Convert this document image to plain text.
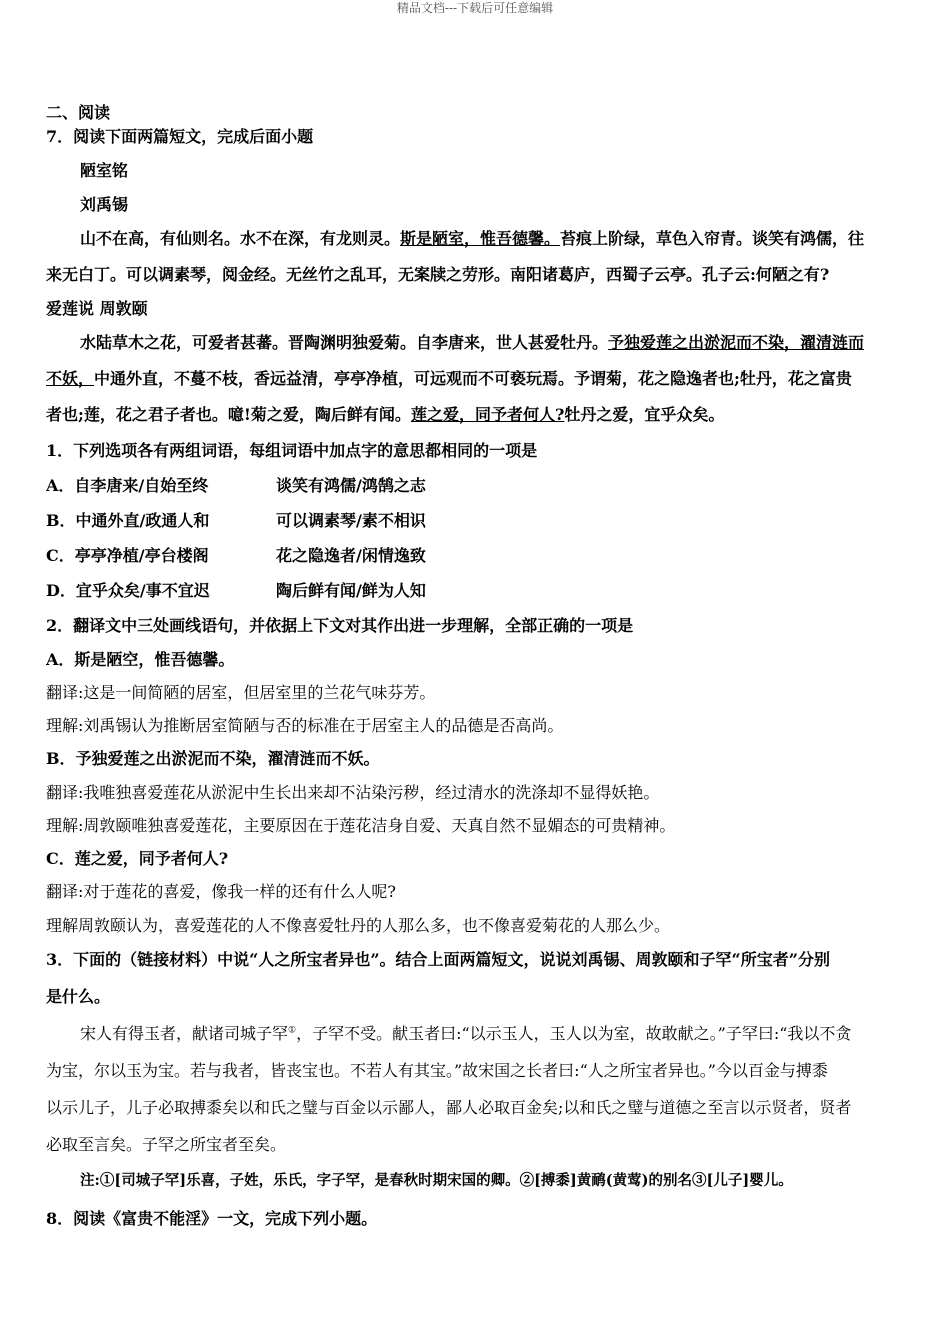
精品文档---下载后可任意编辑
二、阅读
7．阅读下面两篇短文，完成后面小题
陋室铭
刘禹锡
山不在高，有仙则名。水不在深，有龙则灵。斯是陋室，惟吾德馨。苔痕上阶绿，草色入帘青。谈笑有鸿儒，往
来无白丁。可以调素琴，阅金经。无丝竹之乱耳，无案牍之劳形。南阳诸葛庐，西蜀子云亭。孔子云:何陋之有?
爱莲说 周敦颐
水陆草木之花，可爱者甚蕃。晋陶渊明独爱菊。自李唐来，世人甚爱牡丹。予独爱莲之出淤泥而不染，濯清涟而
不妖，中通外直，不蔓不枝，香远益清，亭亭净植，可远观而不可亵玩焉。予谓菊，花之隐逸者也;牡丹，花之富贵
者也;莲，花之君子者也。噫!菊之爱，陶后鲜有闻。莲之爱，同予者何人?牡丹之爱，宜乎众矣。
1．下列选项各有两组词语，每组词语中加点字的意思都相同的一项是
A．自李唐来/自始至终	谈笑有鸿儒/鸿鹄之志
B．中通外直/政通人和	可以调素琴/素不相识
C．亭亭净植/亭台楼阁	花之隐逸者/闲情逸致
D．宜乎众矣/事不宜迟	陶后鲜有闻/鲜为人知
2．翻译文中三处画线语句，并依据上下文对其作出进一步理解，全部正确的一项是
A．斯是陋空，惟吾德馨。
翻译:这是一间简陋的居室，但居室里的兰花气味芬芳。
理解:刘禹锡认为推断居室简陋与否的标准在于居室主人的品德是否高尚。
B．予独爱莲之出淤泥而不染，濯清涟而不妖。
翻译:我唯独喜爱莲花从淤泥中生长出来却不沾染污秽，经过清水的洗涤却不显得妖艳。
理解:周敦颐唯独喜爱莲花，主要原因在于莲花洁身自爱、天真自然不显媚态的可贵精神。
C．莲之爱，同予者何人?
翻译:对于莲花的喜爱，像我一样的还有什么人呢?
理解周敦颐认为，喜爱莲花的人不像喜爱牡丹的人那么多，也不像喜爱菊花的人那么少。
3．下面的（链接材料）中说“人之所宝者异也”。结合上面两篇短文，说说刘禹锡、周敦颐和子罕“所宝者”分别
是什么。
宋人有得玉者，献诸司城子罕①，子罕不受。献玉者曰:“以示玉人，玉人以为室，故敢献之。”子罕曰:“我以不贪
为宝，尔以玉为宝。若与我者，皆丧宝也。不若人有其宝。”故宋国之长者曰:“人之所宝者异也。”今以百金与搏黍
以示儿子，儿子必取搏黍矣以和氏之璧与百金以示鄙人，鄙人必取百金矣;以和氏之璧与道德之至言以示贤者，贤者
必取至言矣。子罕之所宝者至矣。
注:①[司城子罕]乐喜，子姓，乐氏，字子罕，是春秋时期宋国的卿。②[搏黍]黄鸸(黄莺)的别名③[儿子]婴儿。
8．阅读《富贵不能淫》一文，完成下列小题。
